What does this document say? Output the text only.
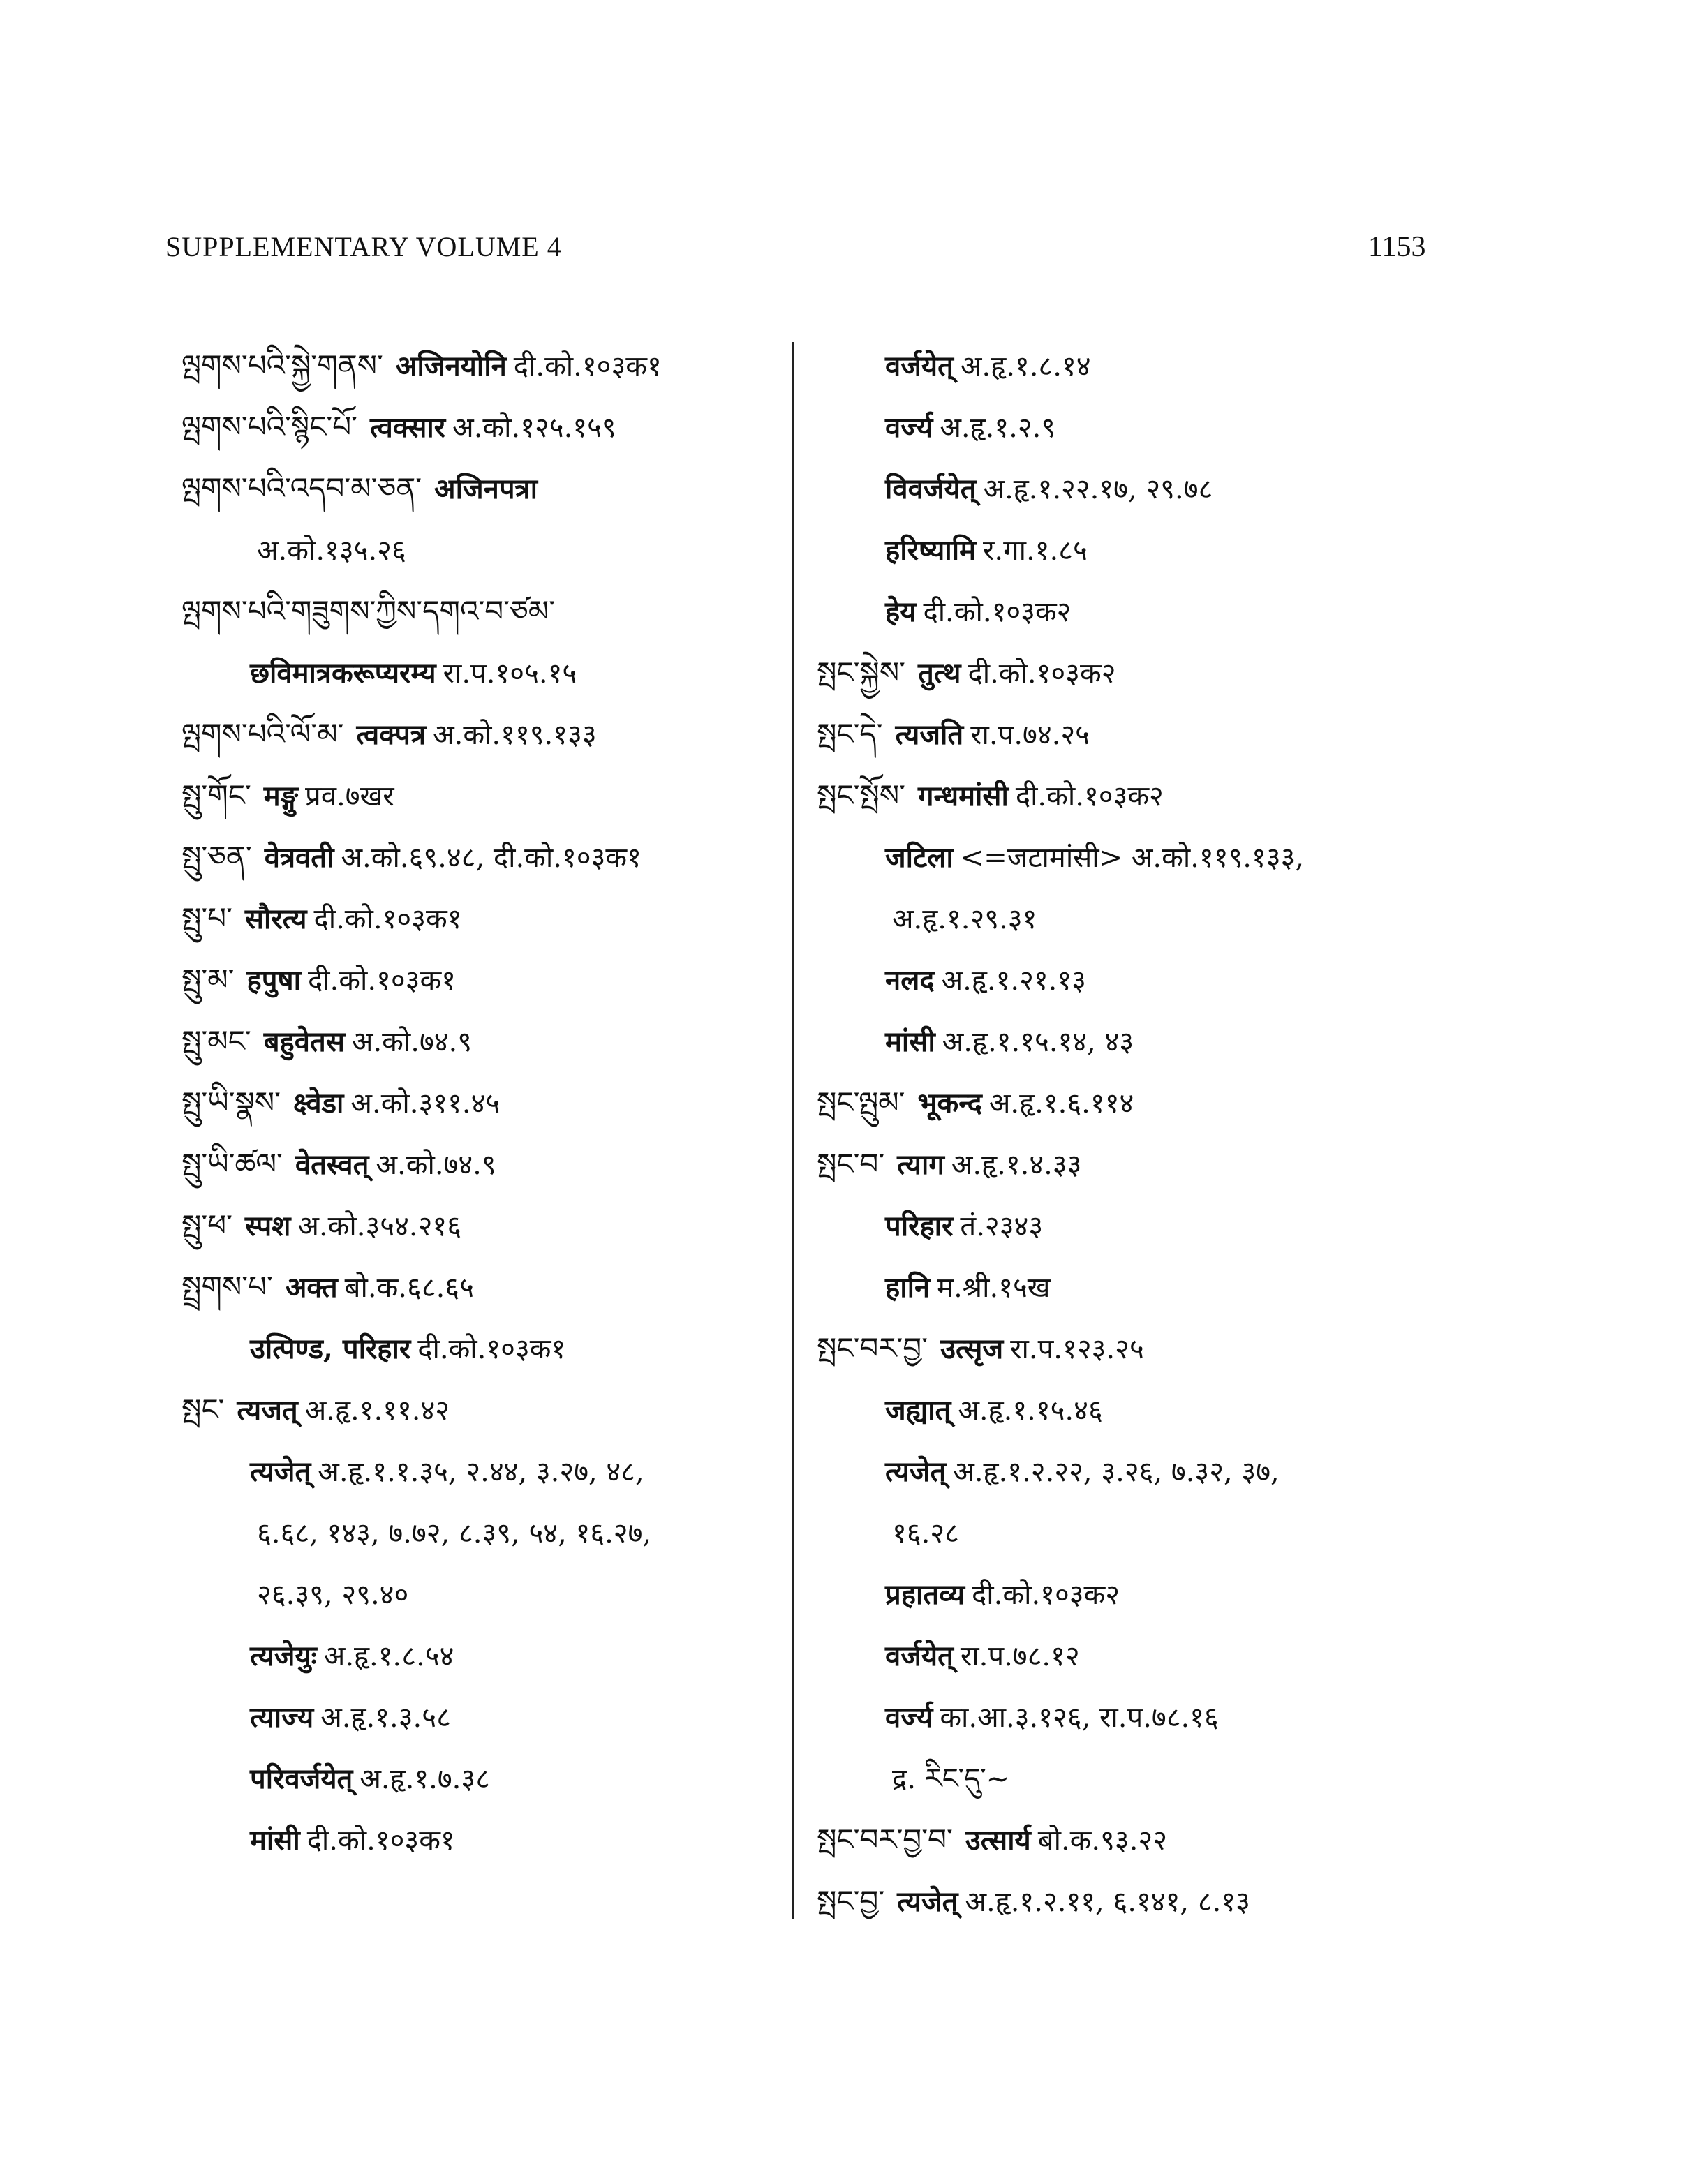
SUPPLEMENTARY VOLUME 4	1153
ལྤགས་པའི་སྐྱེ་གནས་ अजिनयोनि दी.को.१०३क१
ལྤགས་པའི་སྙིང་པོ་ त्वक्सार अ.को.१२५.१५९
ལྤགས་པའི་འདབ་མ་ཅན་ अजिनपत्रा
अ.को.१३५.२६
ལྤགས་པའི་གཟུགས་ཀྱིས་དགའ་བ་ཙམ་
छविमात्रकरूप्यरम्य रा.प.१०५.१५
ལྤགས་པའི་ལོ་མ་ त्वक्पत्र अ.को.११९.१३३
སྤུ་གོང་ मङ्गु प्रव.७खर
སྤུ་ཅན་ वेत्रवती अ.को.६९.४८, दी.को.१०३क१
སྤུ་པ་ सौरत्य दी.को.१०३क१
སྤུ་མ་ हपुषा दी.को.१०३क१
སྤུ་མང་ बहुवेतस अ.को.७४.९
སྤུ་ཡི་སྣས་ क्ष्वेडा अ.को.३११.४५
སྤུ་ཡི་ཚལ་ वेतस्वत् अ.को.७४.९
སྤུ་ཕ་ स्पश अ.को.३५४.२१६
སྤྲགས་པ་ अक्त बो.क.६८.६५
उत्पिण्ड, परिहार दी.को.१०३क१
སྤང་ त्यजत् अ.हृ.१.११.४२
त्यजेत् अ.हृ.१.१.३५, २.४४, ३.२७, ४८,
६.६८, १४३, ७.७२, ८.३९, ५४, १६.२७,
२६.३९, २९.४०
त्यजेयुः अ.हृ.१.८.५४
त्याज्य अ.हृ.१.३.५८
परिवर्जयेत् अ.हृ.१.७.३८
मांसी दी.को.१०३क१
वर्जयेत् अ.हृ.१.८.१४
वर्ज्य अ.हृ.१.२.९
विवर्जयेत् अ.हृ.१.२२.१७, २९.७८
हरिष्यामि र.गा.१.८५
हेय दी.को.१०३क२
སྤང་སྐྱེས་ तुत्थ दी.को.१०३क२
སྤང་དེ་ त्यजति रा.प.७४.२५
སྤང་སྤོས་ गन्धमांसी दी.को.१०३क२
जटिला <=जटामांसी> अ.को.११९.१३३,
अ.हृ.१.२९.३१
नलद अ.हृ.१.२१.१३
मांसी अ.हृ.१.१५.१४, ४३
སྤང་ལྤུམ་ भूकन्द अ.हृ.१.६.११४
སྤང་བ་ त्याग अ.हृ.१.४.३३
परिहार तं.२३४३
हानि म.श्री.१५ख
སྤང་བར་བྱ་ उत्सृज रा.प.१२३.२५
जह्यात् अ.हृ.१.१५.४६
त्यजेत् अ.हृ.१.२.२२, ३.२६, ७.३२, ३७,
१६.२८
प्रहातव्य दी.को.१०३क२
वर्जयेत् रा.प.७८.१२
वर्ज्य का.आ.३.१२६, रा.प.७८.१६
द्र. རིང་དུ་~
སྤང་བར་བྱ་བ་ उत्सार्य बो.क.९३.२२
སྤང་བྱ་ त्यजेत् अ.हृ.१.२.११, ६.१४१, ८.१३
